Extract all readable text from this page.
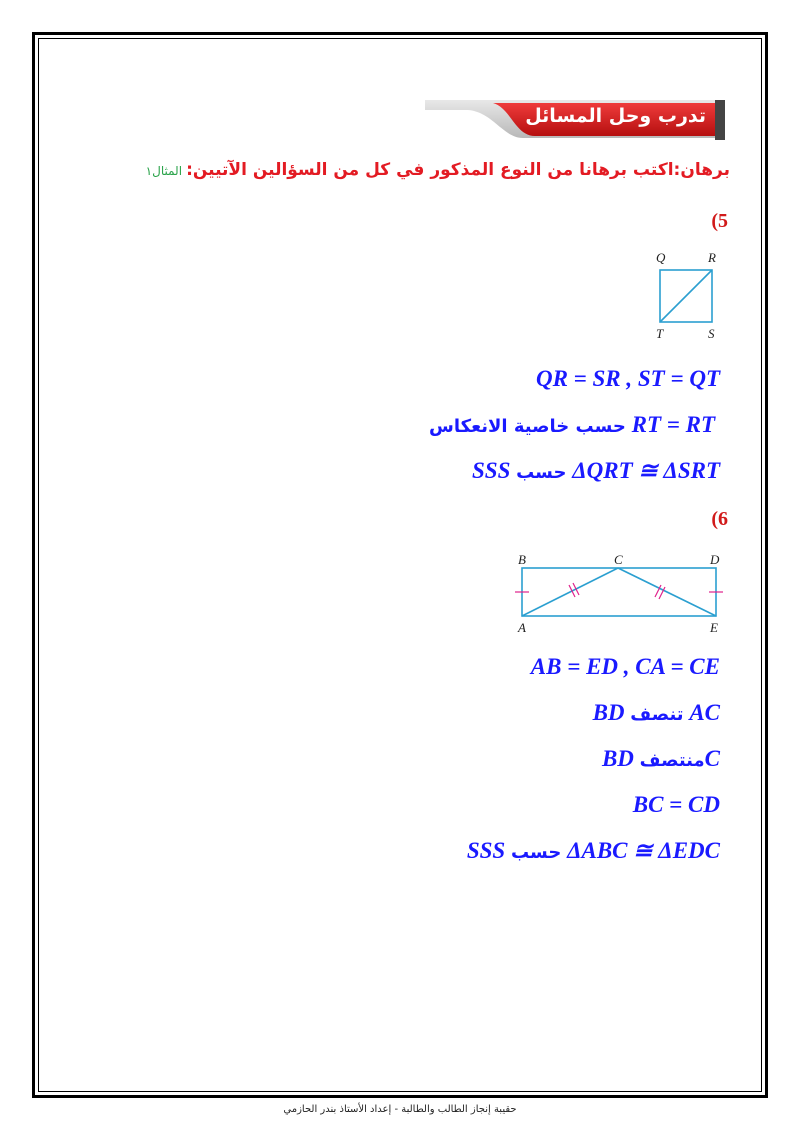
تدرب وحل المسائل
برهان:اكتب برهانا من النوع المذكور في كل من السؤالين الآتيين:المثال١
(5
Q	R
T	S
QR = SR , ST = QT
حسب خاصية الانعكاس RT = RT
SSS حسب ΔQRT ≅ ΔSRT
(6
B	C	D
A	E
AB = ED , CA = CE
BD تنصف AC
BD منتصفC
BC = CD
SSS حسب ΔABC ≅ ΔEDC
حقيبة إنجاز الطالب والطالبة - إعداد الأستاذ بندر الحازمي
